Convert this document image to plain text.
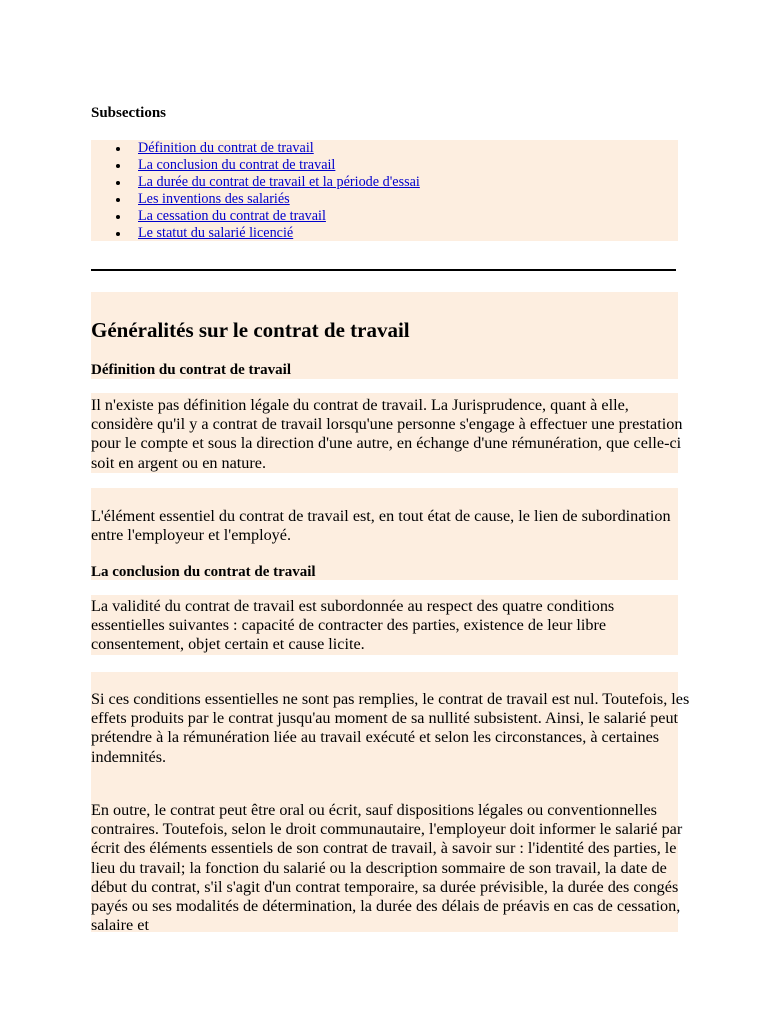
Subsections
Définition du contrat de travail
La conclusion du contrat de travail
La durée du contrat de travail et la période d'essai
Les inventions des salariés
La cessation du contrat de travail
Le statut du salarié licencié
Généralités sur le contrat de travail
Définition du contrat de travail

Il n'existe pas définition légale du contrat de travail. La Jurisprudence, quant à elle, considère qu'il y a contrat de travail lorsqu'une personne s'engage à effectuer une prestation pour le compte et sous la direction d'une autre, en échange d'une rémunération, que celle-ci soit en argent ou en nature.

L'élément essentiel du contrat de travail est, en tout état de cause, le lien de subordination entre l'employeur et l'employé.

La conclusion du contrat de travail

La validité du contrat de travail est subordonnée au respect des quatre conditions essentielles suivantes : capacité de contracter des parties, existence de leur libre consentement, objet certain et cause licite.

Si ces conditions essentielles ne sont pas remplies, le contrat de travail est nul. Toutefois, les effets produits par le contrat jusqu'au moment de sa nullité subsistent. Ainsi, le salarié peut prétendre à la rémunération liée au travail exécuté et selon les circonstances, à certaines indemnités.

En outre, le contrat peut être oral ou écrit, sauf dispositions légales ou conventionnelles contraires. Toutefois, selon le droit communautaire, l'employeur doit informer le salarié par écrit des éléments essentiels de son contrat de travail, à savoir sur : l'identité des parties, le lieu du travail; la fonction du salarié ou la description sommaire de son travail, la date de début du contrat, s'il s'agit d'un contrat temporaire, sa durée prévisible, la durée des congés payés ou ses modalités de détermination, la durée des délais de préavis en cas de cessation, salaire et
